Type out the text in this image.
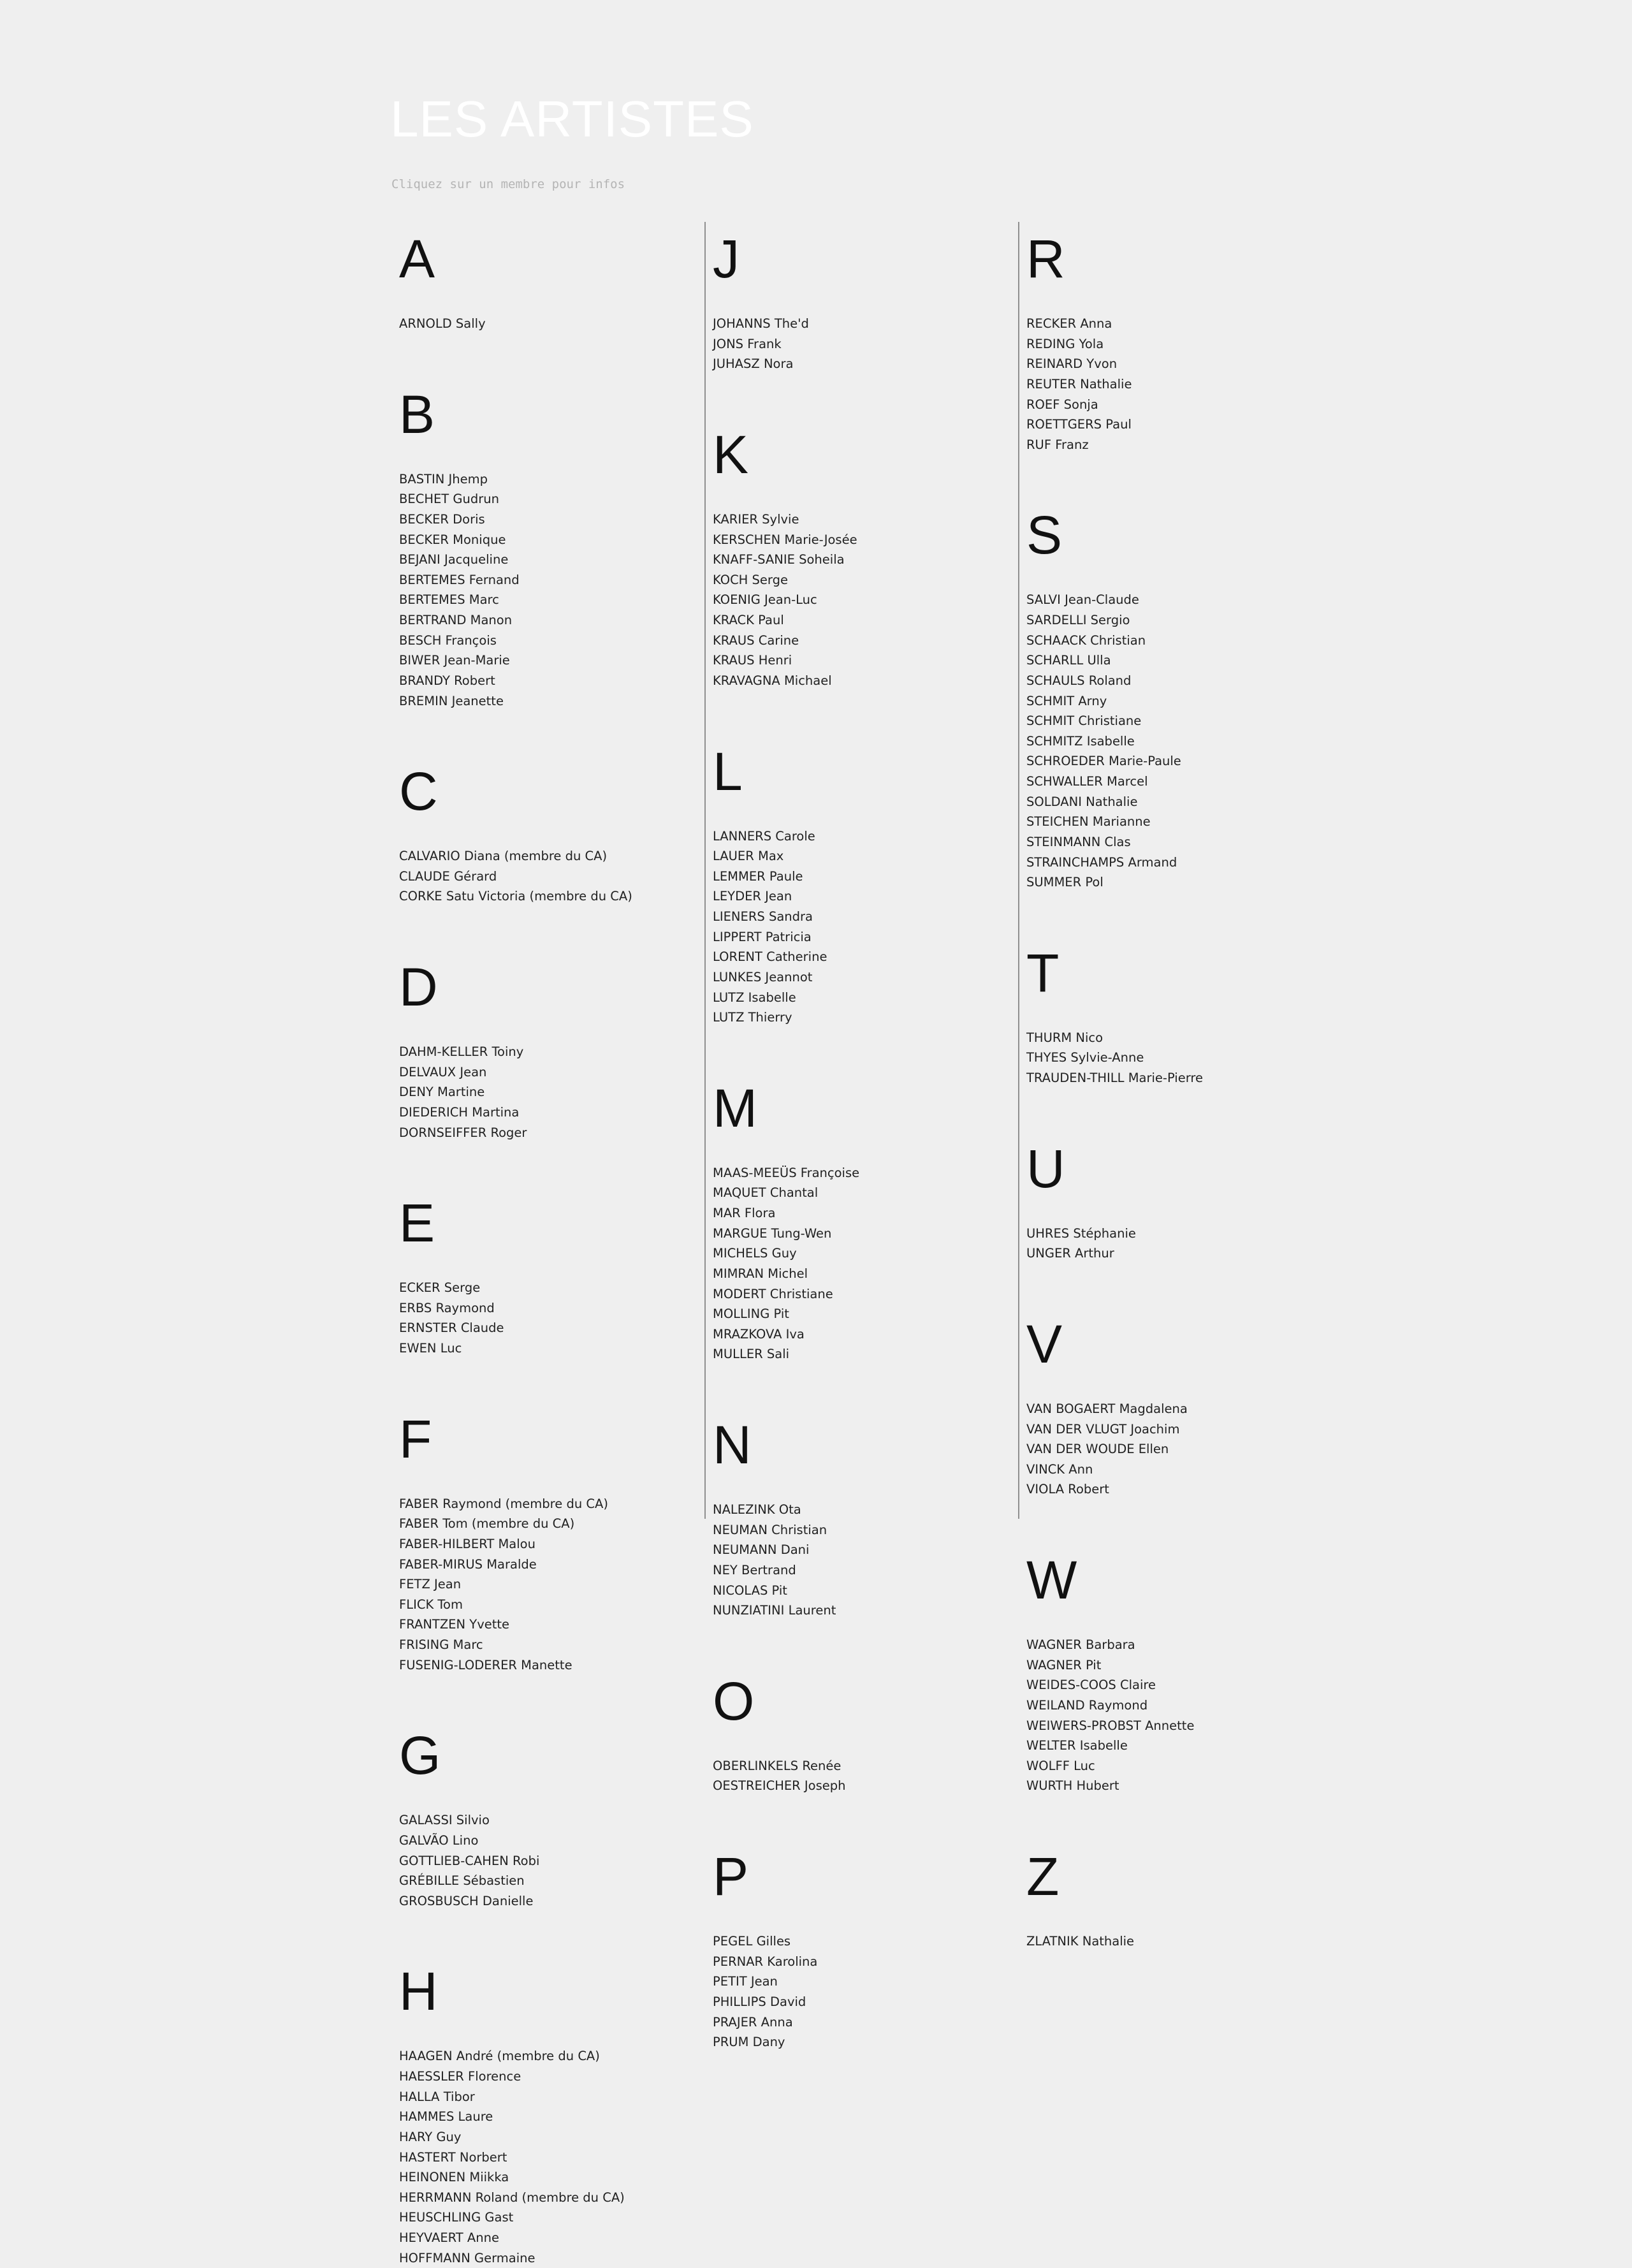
LES ARTISTES

Cliquez sur un membre pour infos

A
ARNOLD Sally
B
BASTIN Jhemp
BECHET Gudrun
BECKER Doris
BECKER Monique
BEJANI Jacqueline
BERTEMES Fernand
BERTEMES Marc
BERTRAND Manon
BESCH François
BIWER Jean-Marie
BRANDY Robert
BREMIN Jeanette
C
CALVARIO Diana (membre du CA)
CLAUDE Gérard
CORKE Satu Victoria (membre du CA)
D
DAHM-KELLER Toiny
DELVAUX Jean
DENY Martine
DIEDERICH Martina
DORNSEIFFER Roger
E
ECKER Serge
ERBS Raymond
ERNSTER Claude
EWEN Luc
F
FABER Raymond (membre du CA)
FABER Tom (membre du CA)
FABER-HILBERT Malou
FABER-MIRUS Maralde
FETZ Jean
FLICK Tom
FRANTZEN Yvette
FRISING Marc
FUSENIG-LODERER Manette
G
GALASSI Silvio
GALVÃO Lino
GOTTLIEB-CAHEN Robi
GRÉBILLE Sébastien
GROSBUSCH Danielle
H
HAAGEN André (membre du CA)
HAESSLER Florence
HALLA Tibor
HAMMES Laure
HARY Guy
HASTERT Norbert
HEINONEN Miikka
HERRMANN Roland (membre du CA)
HEUSCHLING Gast
HEYVAERT Anne
HOFFMANN Germaine
J
JOHANNS The'd
JONS Frank
JUHASZ Nora
K
KARIER Sylvie
KERSCHEN Marie-Josée
KNAFF-SANIE Soheila
KOCH Serge
KOENIG Jean-Luc
KRACK Paul
KRAUS Carine
KRAUS Henri
KRAVAGNA Michael
L
LANNERS Carole
LAUER Max
LEMMER Paule
LEYDER Jean
LIENERS Sandra
LIPPERT Patricia
LORENT Catherine
LUNKES Jeannot
LUTZ Isabelle
LUTZ Thierry
M
MAAS-MEEÜS Françoise
MAQUET Chantal
MAR Flora
MARGUE Tung-Wen
MICHELS Guy
MIMRAN Michel
MODERT Christiane
MOLLING Pit
MRAZKOVA Iva
MULLER Sali
N
NALEZINK Ota
NEUMAN Christian
NEUMANN Dani
NEY Bertrand
NICOLAS Pit
NUNZIATINI Laurent
O
OBERLINKELS Renée
OESTREICHER Joseph
P
PEGEL Gilles
PERNAR Karolina
PETIT Jean
PHILLIPS David
PRAJER Anna
PRUM Dany
R
RECKER Anna
REDING Yola
REINARD Yvon
REUTER Nathalie
ROEF Sonja
ROETTGERS Paul
RUF Franz
S
SALVI Jean-Claude
SARDELLI Sergio
SCHAACK Christian
SCHARLL Ulla
SCHAULS Roland
SCHMIT Arny
SCHMIT Christiane
SCHMITZ Isabelle
SCHROEDER Marie-Paule
SCHWALLER Marcel
SOLDANI Nathalie
STEICHEN Marianne
STEINMANN Clas
STRAINCHAMPS Armand
SUMMER Pol
T
THURM Nico
THYES Sylvie-Anne
TRAUDEN-THILL Marie-Pierre
U
UHRES Stéphanie
UNGER Arthur
V
VAN BOGAERT Magdalena
VAN DER VLUGT Joachim
VAN DER WOUDE Ellen
VINCK Ann
VIOLA Robert
W
WAGNER Barbara
WAGNER Pit
WEIDES-COOS Claire
WEILAND Raymond
WEIWERS-PROBST Annette
WELTER Isabelle
WOLFF Luc
WURTH Hubert
Z
ZLATNIK Nathalie
